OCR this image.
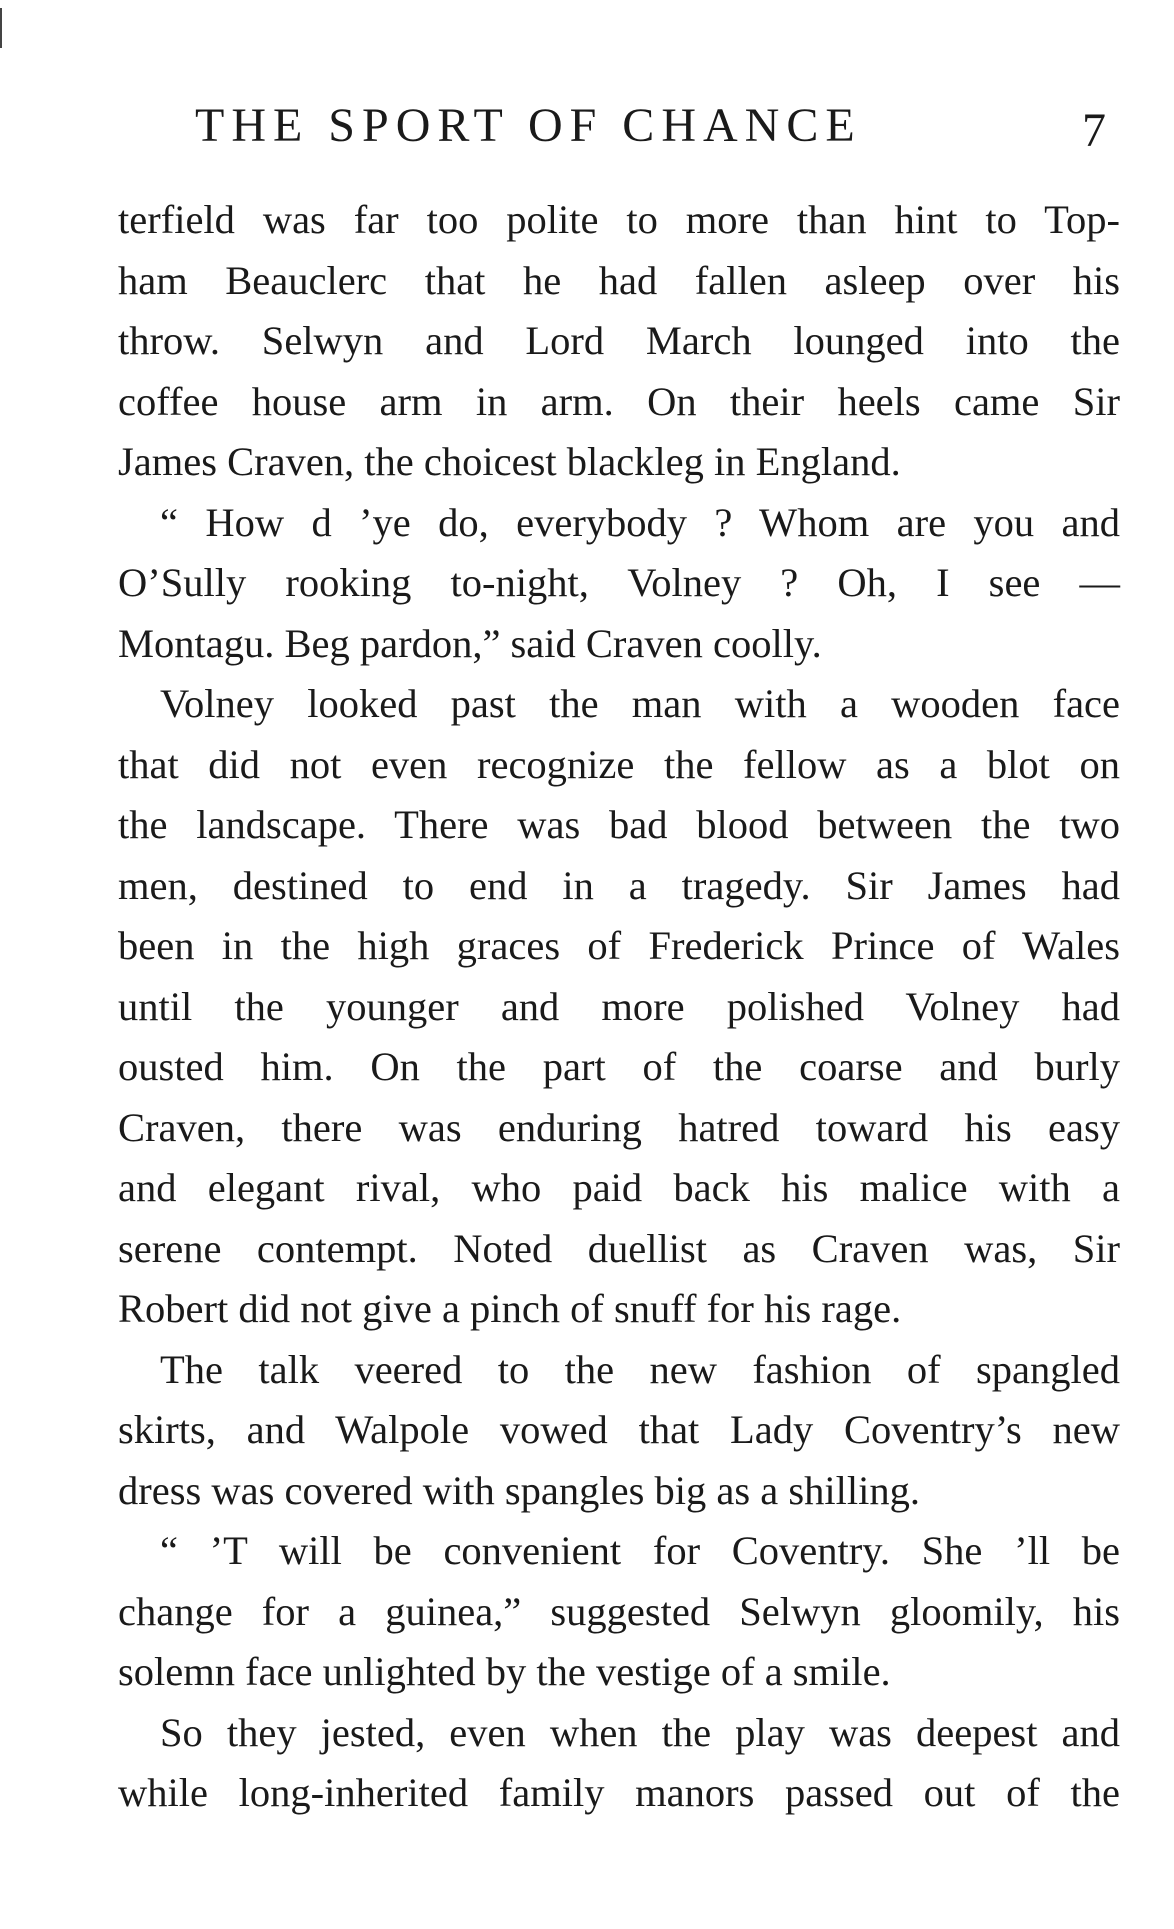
THE SPORT OF CHANCE	7
terfield was far too polite to more than hint to Top-
ham Beauclerc that he had fallen asleep over his
throw. Selwyn and Lord March lounged into the
coffee house arm in arm. On their heels came Sir
James Craven, the choicest blackleg in England.
“ How d ’ye do, everybody ? Whom are you and
O’Sully rooking to-night, Volney ? Oh, I see —
Montagu. Beg pardon,” said Craven coolly.
Volney looked past the man with a wooden face
that did not even recognize the fellow as a blot on
the landscape. There was bad blood between the two
men, destined to end in a tragedy. Sir James had
been in the high graces of Frederick Prince of Wales
until the younger and more polished Volney had
ousted him. On the part of the coarse and burly
Craven, there was enduring hatred toward his easy
and elegant rival, who paid back his malice with a
serene contempt. Noted duellist as Craven was, Sir
Robert did not give a pinch of snuff for his rage.
The talk veered to the new fashion of spangled
skirts, and Walpole vowed that Lady Coventry’s new
dress was covered with spangles big as a shilling.
“ ’T will be convenient for Coventry. She ’ll be
change for a guinea,” suggested Selwyn gloomily, his
solemn face unlighted by the vestige of a smile.
So they jested, even when the play was deepest and
while long-inherited family manors passed out of the
